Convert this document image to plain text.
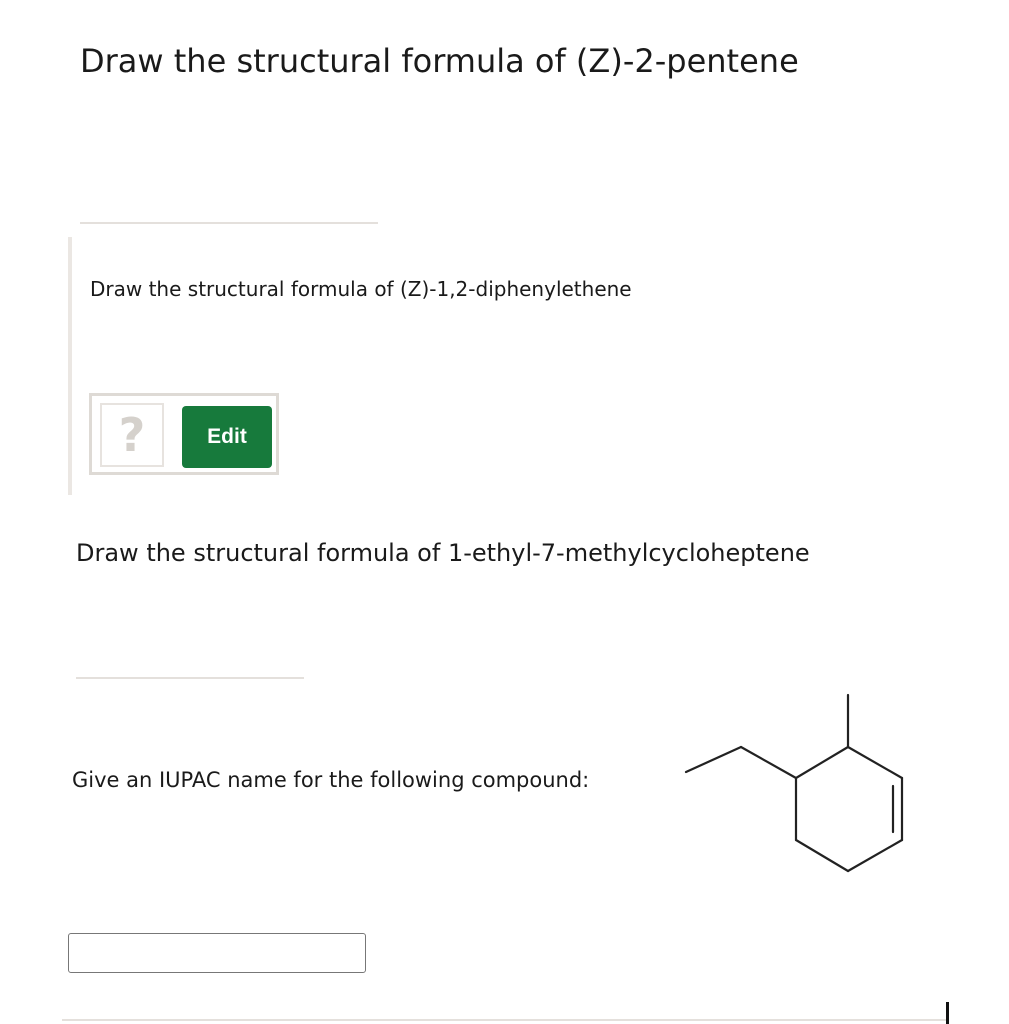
Draw the structural formula of (Z)-2-pentene
Draw the structural formula of (Z)-1,2-diphenylethene
?	Edit
Draw the structural formula of 1-ethyl-7-methylcycloheptene
Give an IUPAC name for the following compound:
